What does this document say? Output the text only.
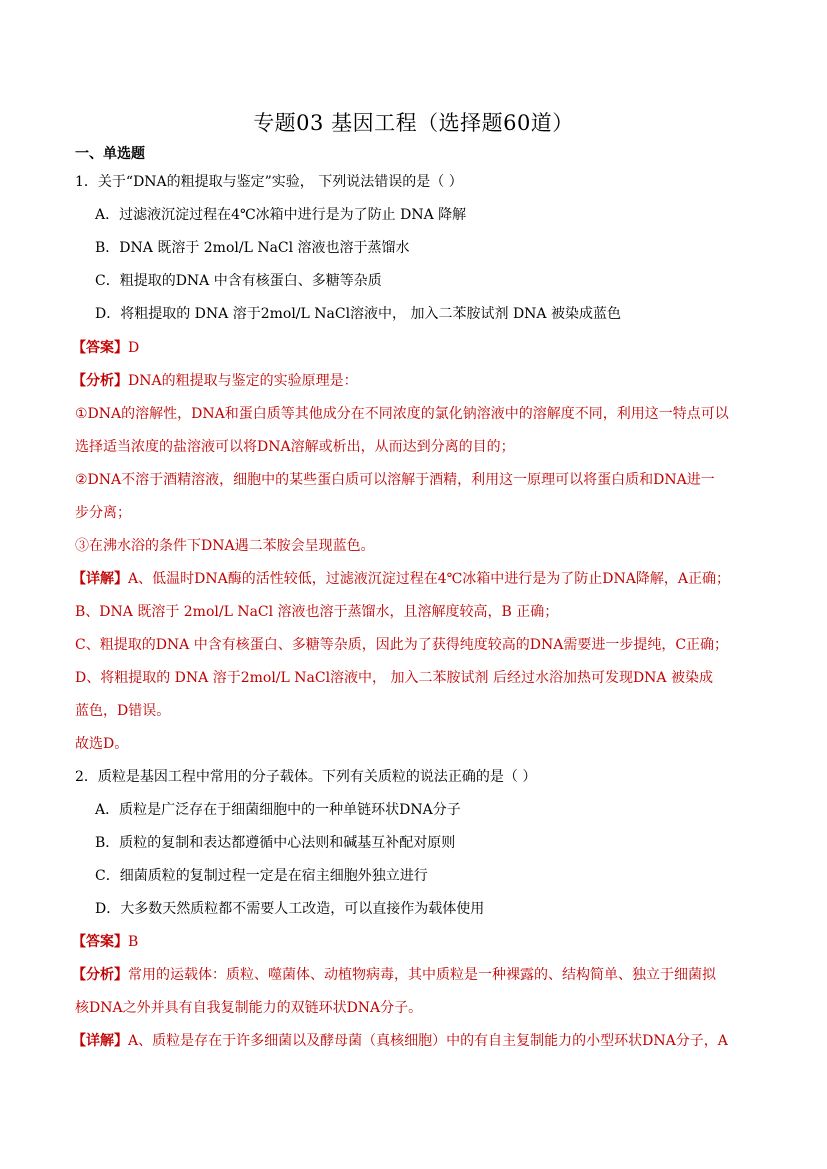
专题03 基因工程（选择题60道）
一、单选题
1．关于“DNA的粗提取与鉴定”实验， 下列说法错误的是（ ）
A．过滤液沉淀过程在4℃冰箱中进行是为了防止 DNA 降解
B．DNA 既溶于 2mol/L NaCl 溶液也溶于蒸馏水
C．粗提取的DNA 中含有核蛋白、多糖等杂质
D．将粗提取的 DNA 溶于2mol/L NaCl溶液中， 加入二苯胺试剂 DNA 被染成蓝色
【答案】D
【分析】DNA的粗提取与鉴定的实验原理是：
①DNA的溶解性，DNA和蛋白质等其他成分在不同浓度的氯化钠溶液中的溶解度不同，利用这一特点可以
选择适当浓度的盐溶液可以将DNA溶解或析出，从而达到分离的目的；
②DNA不溶于酒精溶液，细胞中的某些蛋白质可以溶解于酒精，利用这一原理可以将蛋白质和DNA进一
步分离；
③在沸水浴的条件下DNA遇二苯胺会呈现蓝色。
【详解】A、低温时DNA酶的活性较低，过滤液沉淀过程在4℃冰箱中进行是为了防止DNA降解，A正确；
B、DNA 既溶于 2mol/L NaCl 溶液也溶于蒸馏水，且溶解度较高，B 正确；
C、粗提取的DNA 中含有核蛋白、多糖等杂质，因此为了获得纯度较高的DNA需要进一步提纯，C正确；
D、将粗提取的 DNA 溶于2mol/L NaCl溶液中， 加入二苯胺试剂 后经过水浴加热可发现DNA 被染成
蓝色，D错误。
故选D。
2．质粒是基因工程中常用的分子载体。下列有关质粒的说法正确的是（ ）
A．质粒是广泛存在于细菌细胞中的一种单链环状DNA分子
B．质粒的复制和表达都遵循中心法则和碱基互补配对原则
C．细菌质粒的复制过程一定是在宿主细胞外独立进行
D．大多数天然质粒都不需要人工改造，可以直接作为载体使用
【答案】B
【分析】常用的运载体：质粒、噬菌体、动植物病毒，其中质粒是一种裸露的、结构简单、独立于细菌拟
核DNA之外并具有自我复制能力的双链环状DNA分子。
【详解】A、质粒是存在于许多细菌以及酵母菌（真核细胞）中的有自主复制能力的小型环状DNA分子，A
